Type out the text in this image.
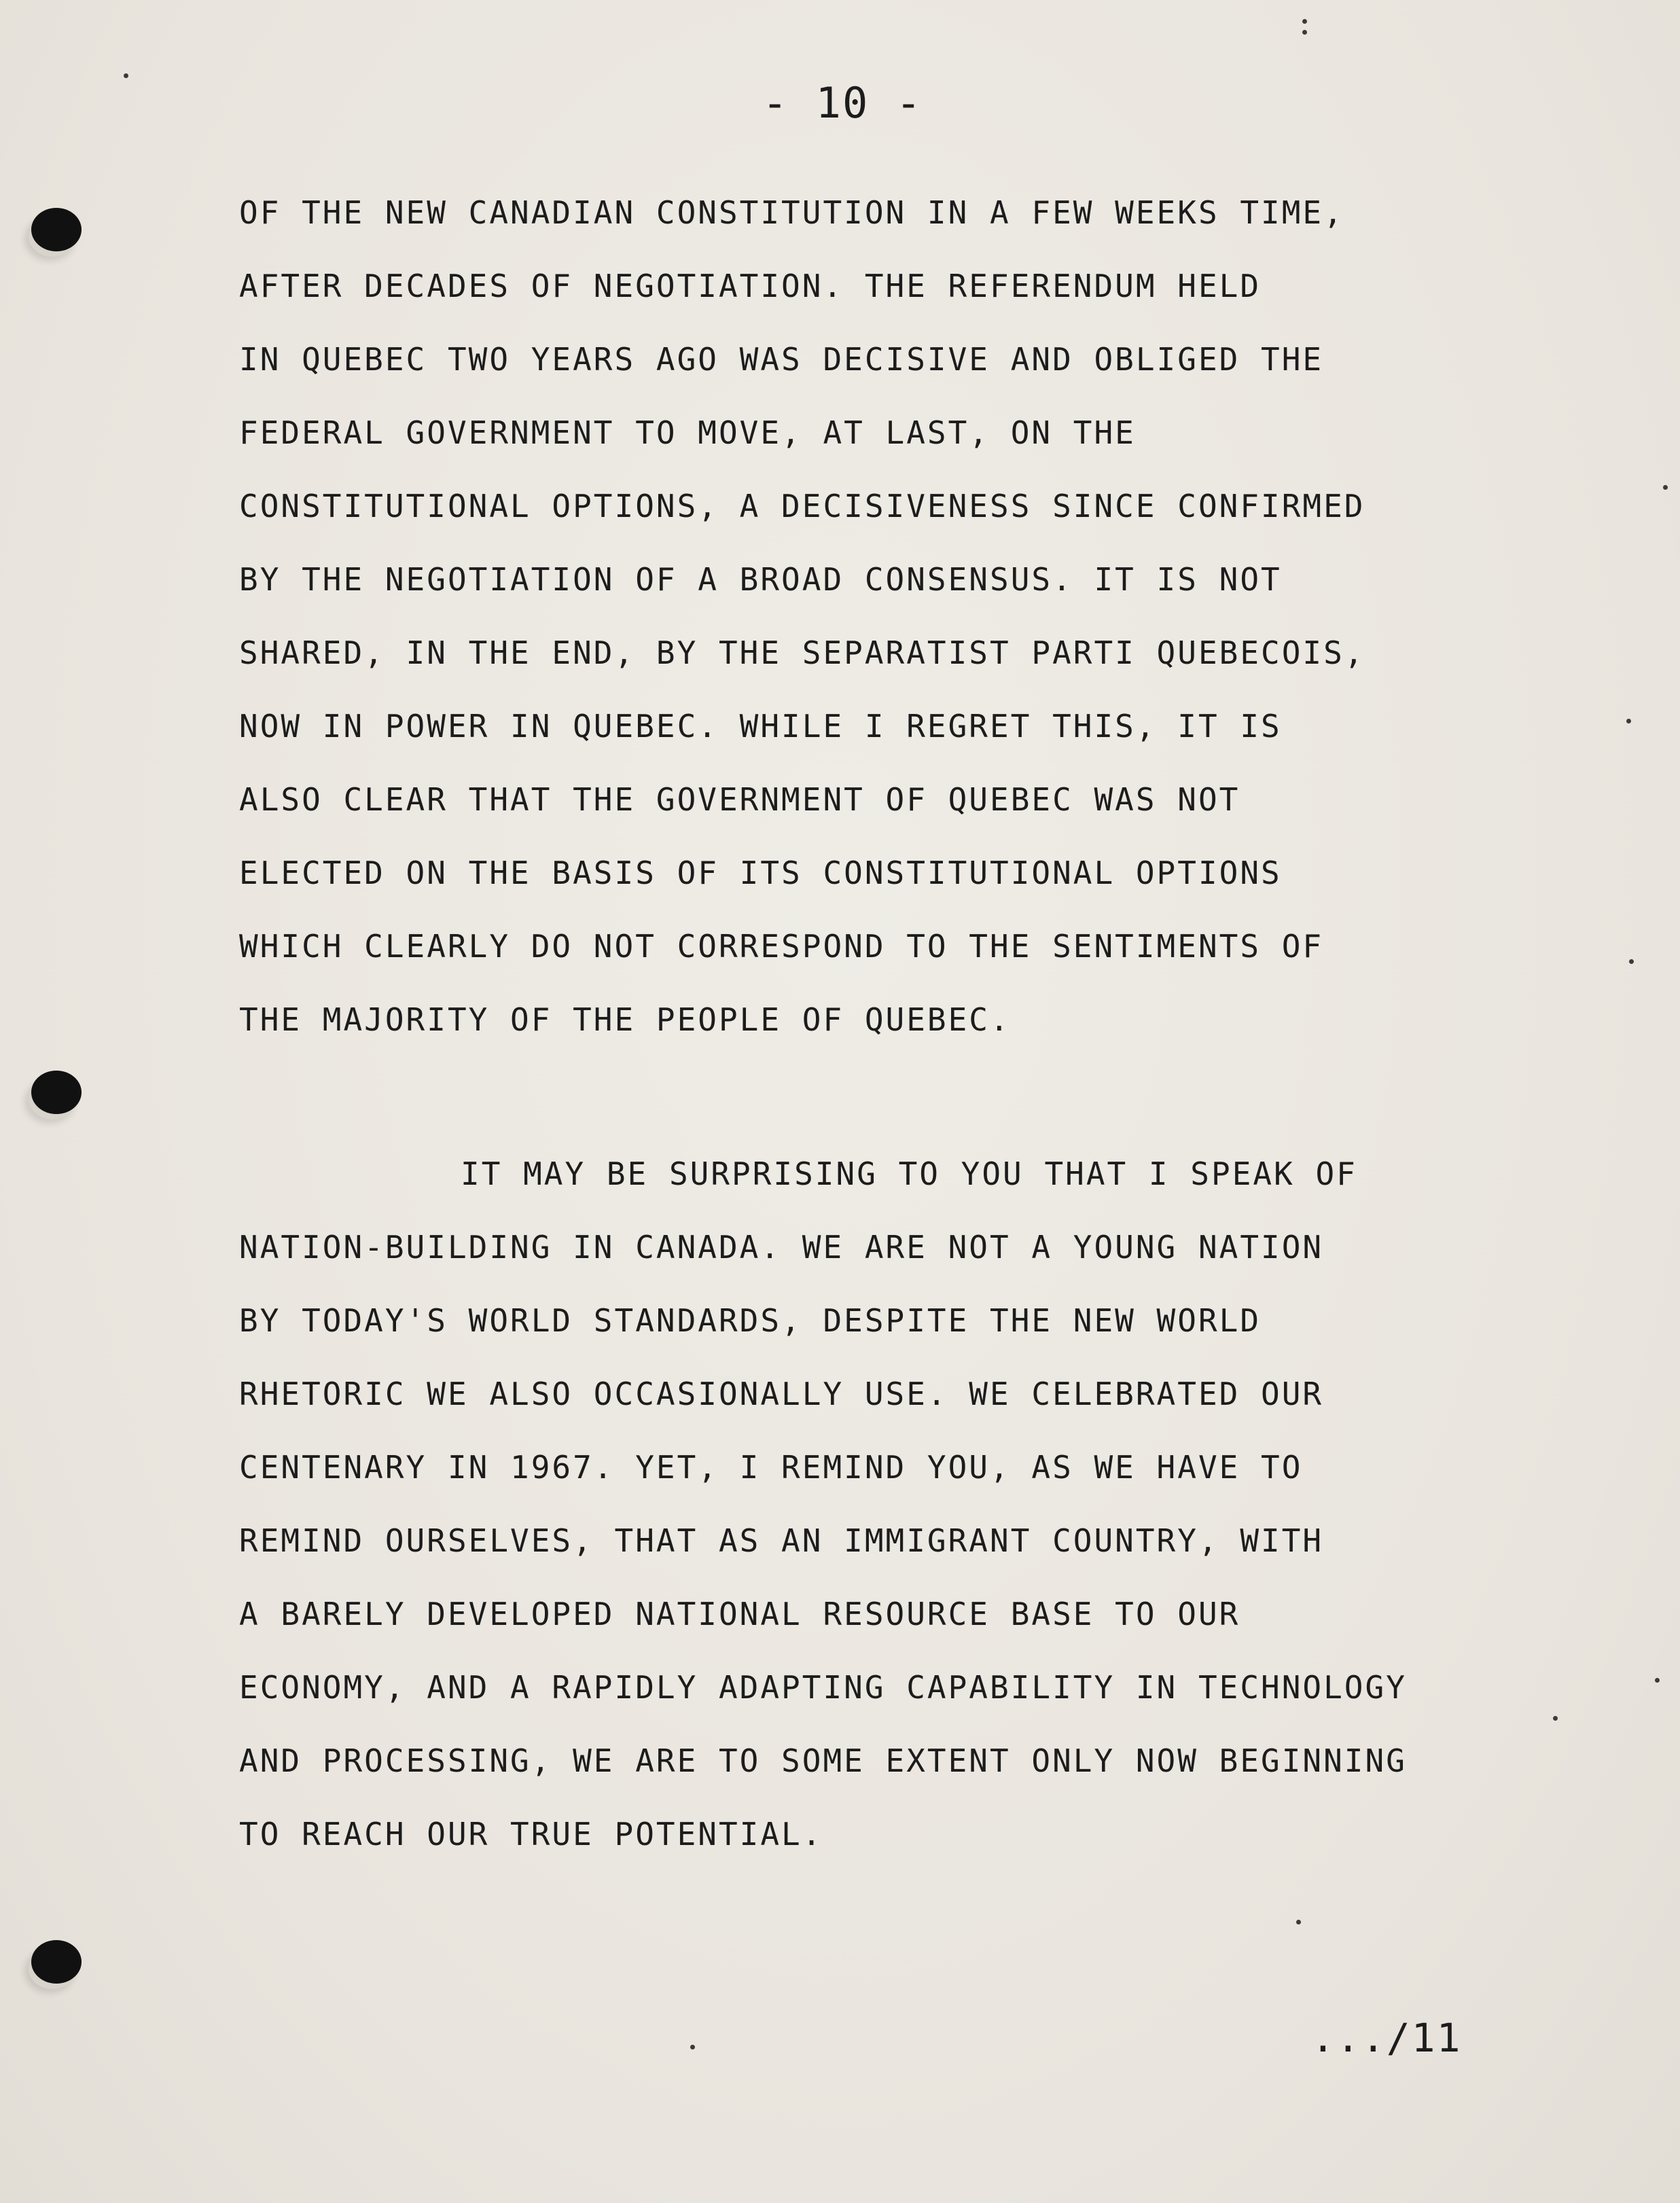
- 10 -
OF THE NEW CANADIAN CONSTITUTION IN A FEW WEEKS TIME,
AFTER DECADES OF NEGOTIATION. THE REFERENDUM HELD
IN QUEBEC TWO YEARS AGO WAS DECISIVE AND OBLIGED THE
FEDERAL GOVERNMENT TO MOVE, AT LAST, ON THE
CONSTITUTIONAL OPTIONS, A DECISIVENESS SINCE CONFIRMED
BY THE NEGOTIATION OF A BROAD CONSENSUS. IT IS NOT
SHARED, IN THE END, BY THE SEPARATIST PARTI QUEBECOIS,
NOW IN POWER IN QUEBEC. WHILE I REGRET THIS, IT IS
ALSO CLEAR THAT THE GOVERNMENT OF QUEBEC WAS NOT
ELECTED ON THE BASIS OF ITS CONSTITUTIONAL OPTIONS
WHICH CLEARLY DO NOT CORRESPOND TO THE SENTIMENTS OF
THE MAJORITY OF THE PEOPLE OF QUEBEC.
IT MAY BE SURPRISING TO YOU THAT I SPEAK OF
NATION-BUILDING IN CANADA. WE ARE NOT A YOUNG NATION
BY TODAY'S WORLD STANDARDS, DESPITE THE NEW WORLD
RHETORIC WE ALSO OCCASIONALLY USE. WE CELEBRATED OUR
CENTENARY IN 1967. YET, I REMIND YOU, AS WE HAVE TO
REMIND OURSELVES, THAT AS AN IMMIGRANT COUNTRY, WITH
A BARELY DEVELOPED NATIONAL RESOURCE BASE TO OUR
ECONOMY, AND A RAPIDLY ADAPTING CAPABILITY IN TECHNOLOGY
AND PROCESSING, WE ARE TO SOME EXTENT ONLY NOW BEGINNING
TO REACH OUR TRUE POTENTIAL.
.../11
